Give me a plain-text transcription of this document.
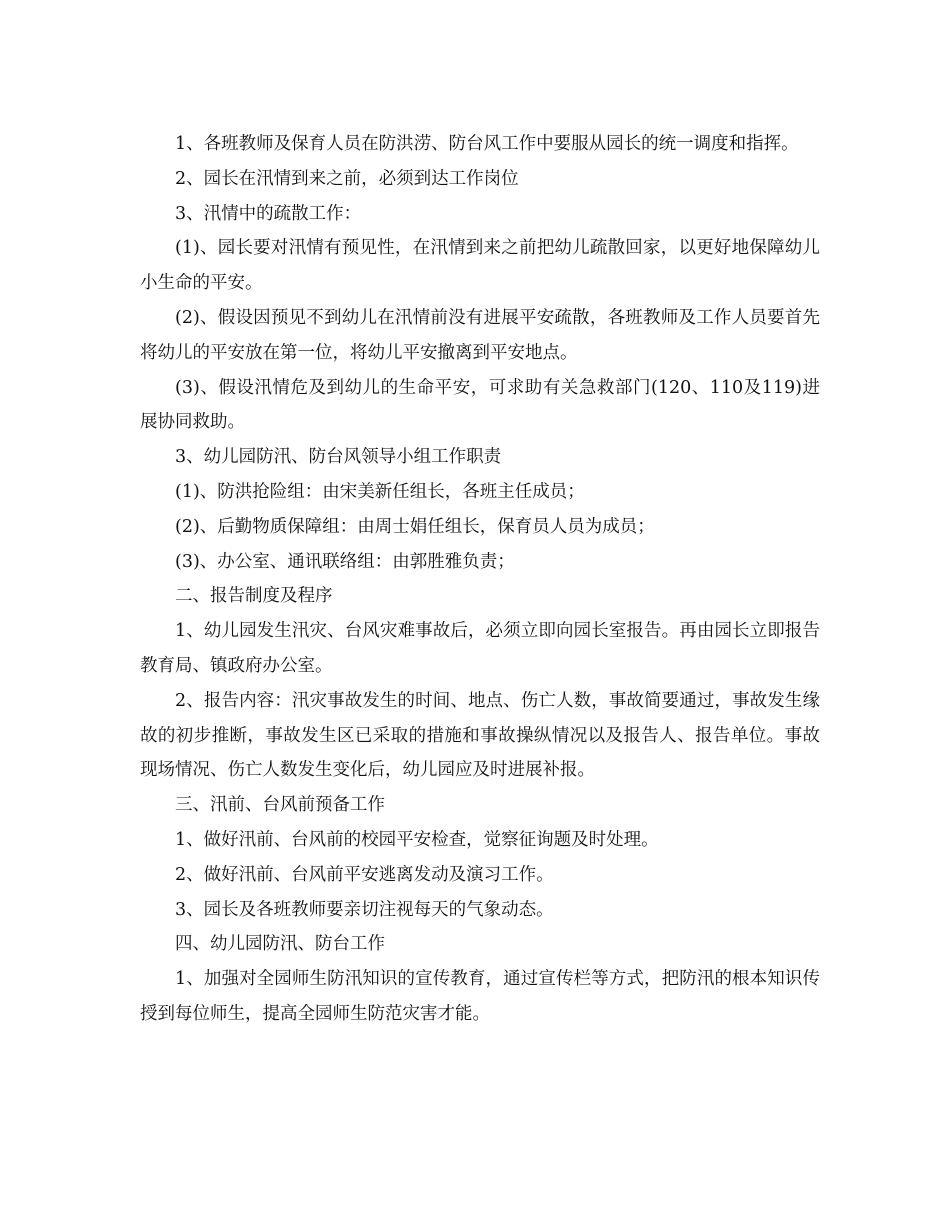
1、各班教师及保育人员在防洪涝、防台风工作中要服从园长的统一调度和指挥。

2、园长在汛情到来之前，必须到达工作岗位

3、汛情中的疏散工作：

(1)、园长要对汛情有预见性，在汛情到来之前把幼儿疏散回家，以更好地保障幼儿小生命的平安。

(2)、假设因预见不到幼儿在汛情前没有进展平安疏散，各班教师及工作人员要首先将幼儿的平安放在第一位，将幼儿平安撤离到平安地点。

(3)、假设汛情危及到幼儿的生命平安，可求助有关急救部门(120、110及119)进展协同救助。

3、幼儿园防汛、防台风领导小组工作职责

(1)、防洪抢险组：由宋美新任组长，各班主任成员；

(2)、后勤物质保障组：由周士娟任组长，保育员人员为成员；

(3)、办公室、通讯联络组：由郭胜雅负责；

二、报告制度及程序

1、幼儿园发生汛灾、台风灾难事故后，必须立即向园长室报告。再由园长立即报告教育局、镇政府办公室。

2、报告内容：汛灾事故发生的时间、地点、伤亡人数，事故简要通过，事故发生缘故的初步推断，事故发生区已采取的措施和事故操纵情况以及报告人、报告单位。事故现场情况、伤亡人数发生变化后，幼儿园应及时进展补报。

三、汛前、台风前预备工作

1、做好汛前、台风前的校园平安检查，觉察征询题及时处理。

2、做好汛前、台风前平安逃离发动及演习工作。

3、园长及各班教师要亲切注视每天的气象动态。

四、幼儿园防汛、防台工作

1、加强对全园师生防汛知识的宣传教育，通过宣传栏等方式，把防汛的根本知识传授到每位师生，提高全园师生防范灾害才能。
